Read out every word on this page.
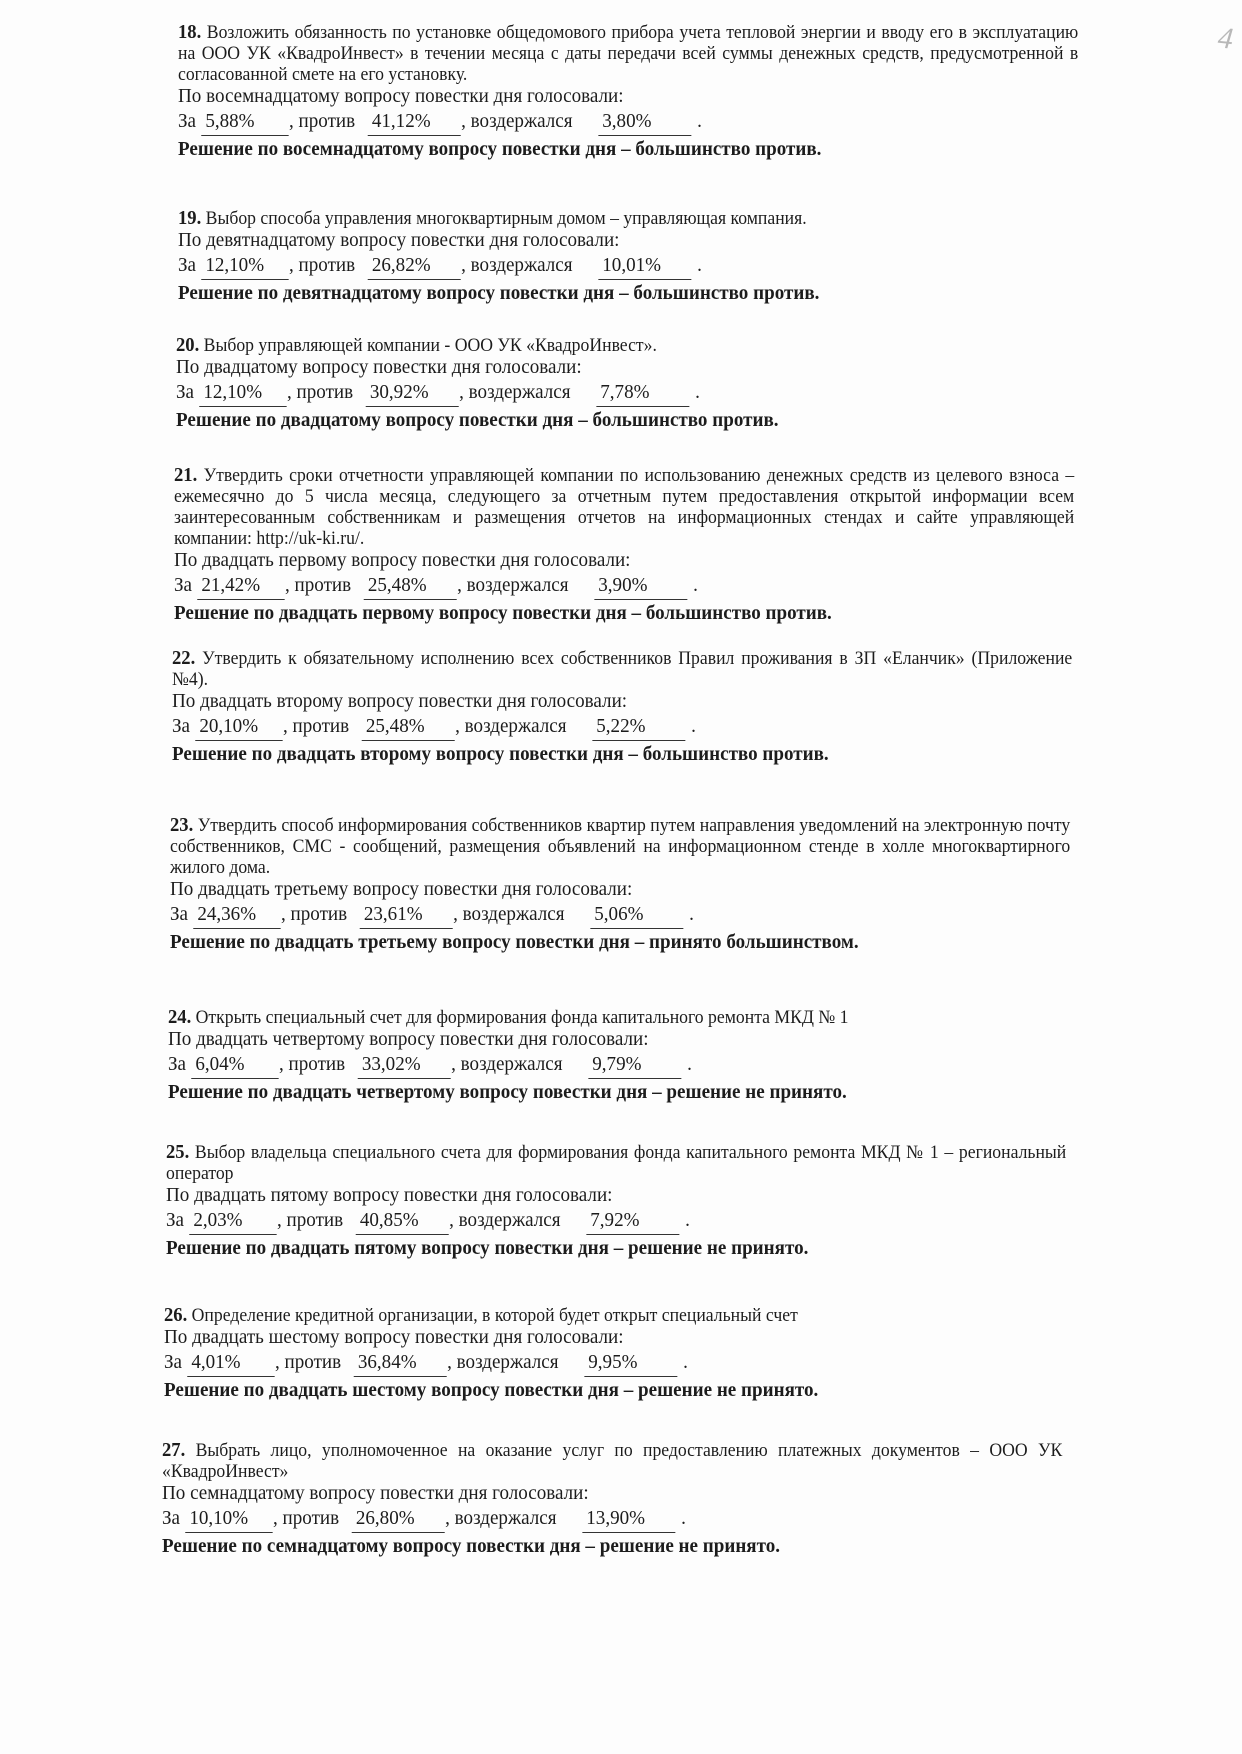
4
18. Возложить обязанность по установке общедомового прибора учета тепловой энергии и вводу его в эксплуатацию на ООО УК «КвадроИнвест» в течении месяца с даты передачи всей суммы денежных средств, предусмотренной в согласованной смете на его установку.
По восемнадцатому вопросу повестки дня голосовали:
За 5,88% , против 41,12% , воздержался 3,80% .
Решение по восемнадцатому вопросу повестки дня – большинство против.
19. Выбор способа управления многоквартирным домом – управляющая компания.
По девятнадцатому вопросу повестки дня голосовали:
За 12,10% , против 26,82% , воздержался 10,01% .
Решение по девятнадцатому вопросу повестки дня – большинство против.
20. Выбор управляющей компании - ООО УК «КвадроИнвест».
По двадцатому вопросу повестки дня голосовали:
За 12,10% , против 30,92% , воздержался 7,78% .
Решение по двадцатому вопросу повестки дня – большинство против.
21. Утвердить сроки отчетности управляющей компании по использованию денежных средств из целевого взноса – ежемесячно до 5 числа месяца, следующего за отчетным путем предоставления открытой информации всем заинтересованным собственникам и размещения отчетов на информационных стендах и сайте управляющей компании: http://uk-ki.ru/.
По двадцать первому вопросу повестки дня голосовали:
За 21,42% , против 25,48% , воздержался 3,90% .
Решение по двадцать первому вопросу повестки дня – большинство против.
22. Утвердить к обязательному исполнению всех собственников Правил проживания в ЗП «Еланчик» (Приложение №4).
По двадцать второму вопросу повестки дня голосовали:
За 20,10% , против 25,48% , воздержался 5,22% .
Решение по двадцать второму вопросу повестки дня – большинство против.
23. Утвердить способ информирования собственников квартир путем направления уведомлений на электронную почту собственников, СМС - сообщений, размещения объявлений на информационном стенде в холле многоквартирного жилого дома.
По двадцать третьему вопросу повестки дня голосовали:
За 24,36% , против 23,61% , воздержался 5,06% .
Решение по двадцать третьему вопросу повестки дня – принято большинством.
24. Открыть специальный счет для формирования фонда капитального ремонта МКД № 1
По двадцать четвертому вопросу повестки дня голосовали:
За 6,04% , против 33,02% , воздержался 9,79% .
Решение по двадцать четвертому вопросу повестки дня – решение не принято.
25. Выбор владельца специального счета для формирования фонда капитального ремонта МКД № 1 – региональный оператор
По двадцать пятому вопросу повестки дня голосовали:
За 2,03% , против 40,85% , воздержался 7,92% .
Решение по двадцать пятому вопросу повестки дня – решение не принято.
26. Определение кредитной организации, в которой будет открыт специальный счет
По двадцать шестому вопросу повестки дня голосовали:
За 4,01% , против 36,84% , воздержался 9,95% .
Решение по двадцать шестому вопросу повестки дня – решение не принято.
27. Выбрать лицо, уполномоченное на оказание услуг по предоставлению платежных документов – ООО УК «КвадроИнвест»
По семнадцатому вопросу повестки дня голосовали:
За 10,10% , против 26,80% , воздержался 13,90% .
Решение по семнадцатому вопросу повестки дня – решение не принято.
